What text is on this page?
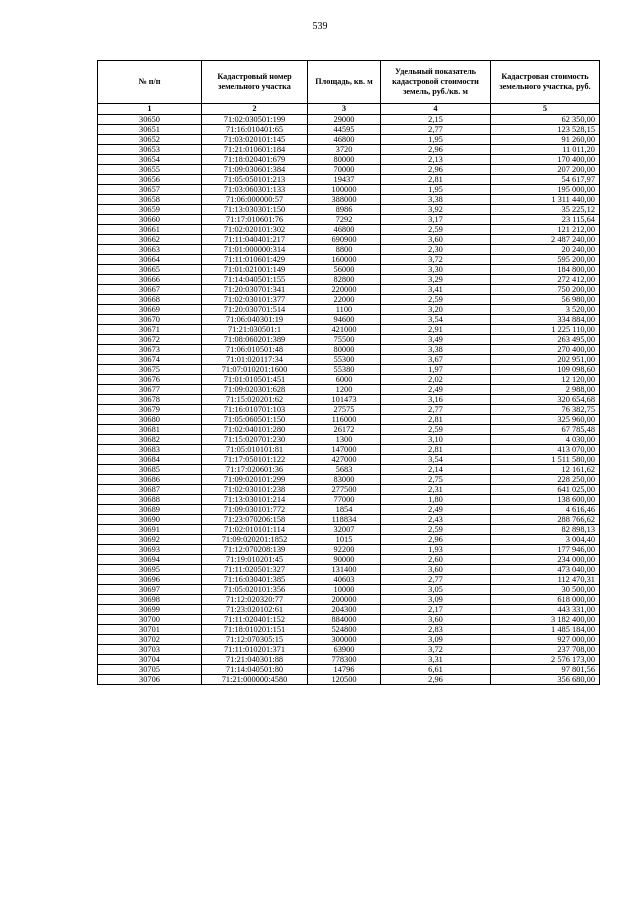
539
№ п/п	Кадастровый номер земельного участка	Площадь, кв. м	Удельный показатель кадастровой стоимости земель, руб./кв. м	Кадастровая стоимость земельного участка, руб.
1	2	3	4	5
30650	71:02:030501:199	29000	2,15	62 350,00
30651	71:16:010401:65	44595	2,77	123 528,15
30652	71:03:020101:145	46800	1,95	91 260,00
30653	71:21:010601:184	3720	2,96	11 011,20
30654	71:18:020401:679	80000	2,13	170 400,00
30655	71:09:030601:384	70000	2,96	207 200,00
30656	71:05:050101:213	19437	2,81	54 617,97
30657	71:03:060301:133	100000	1,95	195 000,00
30658	71:06:000000:57	388000	3,38	1 311 440,00
30659	71:13:030301:150	8986	3,92	35 225,12
30660	71:17:010601:76	7292	3,17	23 115,64
30661	71:02:020101:302	46800	2,59	121 212,00
30662	71:11:040401:217	690900	3,60	2 487 240,00
30663	71:01:000000:314	8800	2,30	20 240,00
30664	71:11:010601:429	160000	3,72	595 200,00
30665	71:01:021001:149	56000	3,30	184 800,00
30666	71:14:040501:155	82800	3,29	272 412,00
30667	71:20:030701:341	220000	3,41	750 200,00
30668	71:02:030101:377	22000	2,59	56 980,00
30669	71:20:030701:514	1100	3,20	3 520,00
30670	71:06:040301:19	94600	3,54	334 884,00
30671	71:21:030501:1	421000	2,91	1 225 110,00
30672	71:08:060201:389	75500	3,49	263 495,00
30673	71:06:010501:48	80000	3,38	270 400,00
30674	71:01:020117:34	55300	3,67	202 951,00
30675	71:07:010201:1600	55380	1,97	109 098,60
30676	71:01:010501:451	6000	2,02	12 120,00
30677	71:09:020301:628	1200	2,49	2 988,00
30678	71:15:020201:62	101473	3,16	320 654,68
30679	71:16:010701:103	27575	2,77	76 382,75
30680	71:05:060501:150	116000	2,81	325 960,00
30681	71:02:040101:280	26172	2,59	67 785,48
30682	71:15:020701:230	1300	3,10	4 030,00
30683	71:05:010101:81	147000	2,81	413 070,00
30684	71:17:050101:122	427000	3,54	1 511 580,00
30685	71:17:020601:36	5683	2,14	12 161,62
30686	71:09:020101:299	83000	2,75	228 250,00
30687	71:02:030101:238	277500	2,31	641 025,00
30688	71:13:030101:214	77000	1,80	138 600,00
30689	71:09:030101:772	1854	2,49	4 616,46
30690	71:23:070206:158	118834	2,43	288 766,62
30691	71:02:010101:114	32007	2,59	82 898,13
30692	71:09:020201:1852	1015	2,96	3 004,40
30693	71:12:070208:139	92200	1,93	177 946,00
30694	71:19:010201:45	90000	2,60	234 000,00
30695	71:11:020501:327	131400	3,60	473 040,00
30696	71:16:030401:385	40603	2,77	112 470,31
30697	71:05:020101:356	10000	3,05	30 500,00
30698	71:12:020320:77	200000	3,09	618 000,00
30699	71:23:020102:61	204300	2,17	443 331,00
30700	71:11:020401:152	884000	3,60	3 182 400,00
30701	71:18:010201:151	524800	2,83	1 485 184,00
30702	71:12:070305:15	300000	3,09	927 000,00
30703	71:11:010201:371	63900	3,72	237 708,00
30704	71:21:040301:88	778300	3,31	2 576 173,00
30705	71:14:040501:80	14796	6,61	97 801,56
30706	71:21:000000:4580	120500	2,96	356 680,00
